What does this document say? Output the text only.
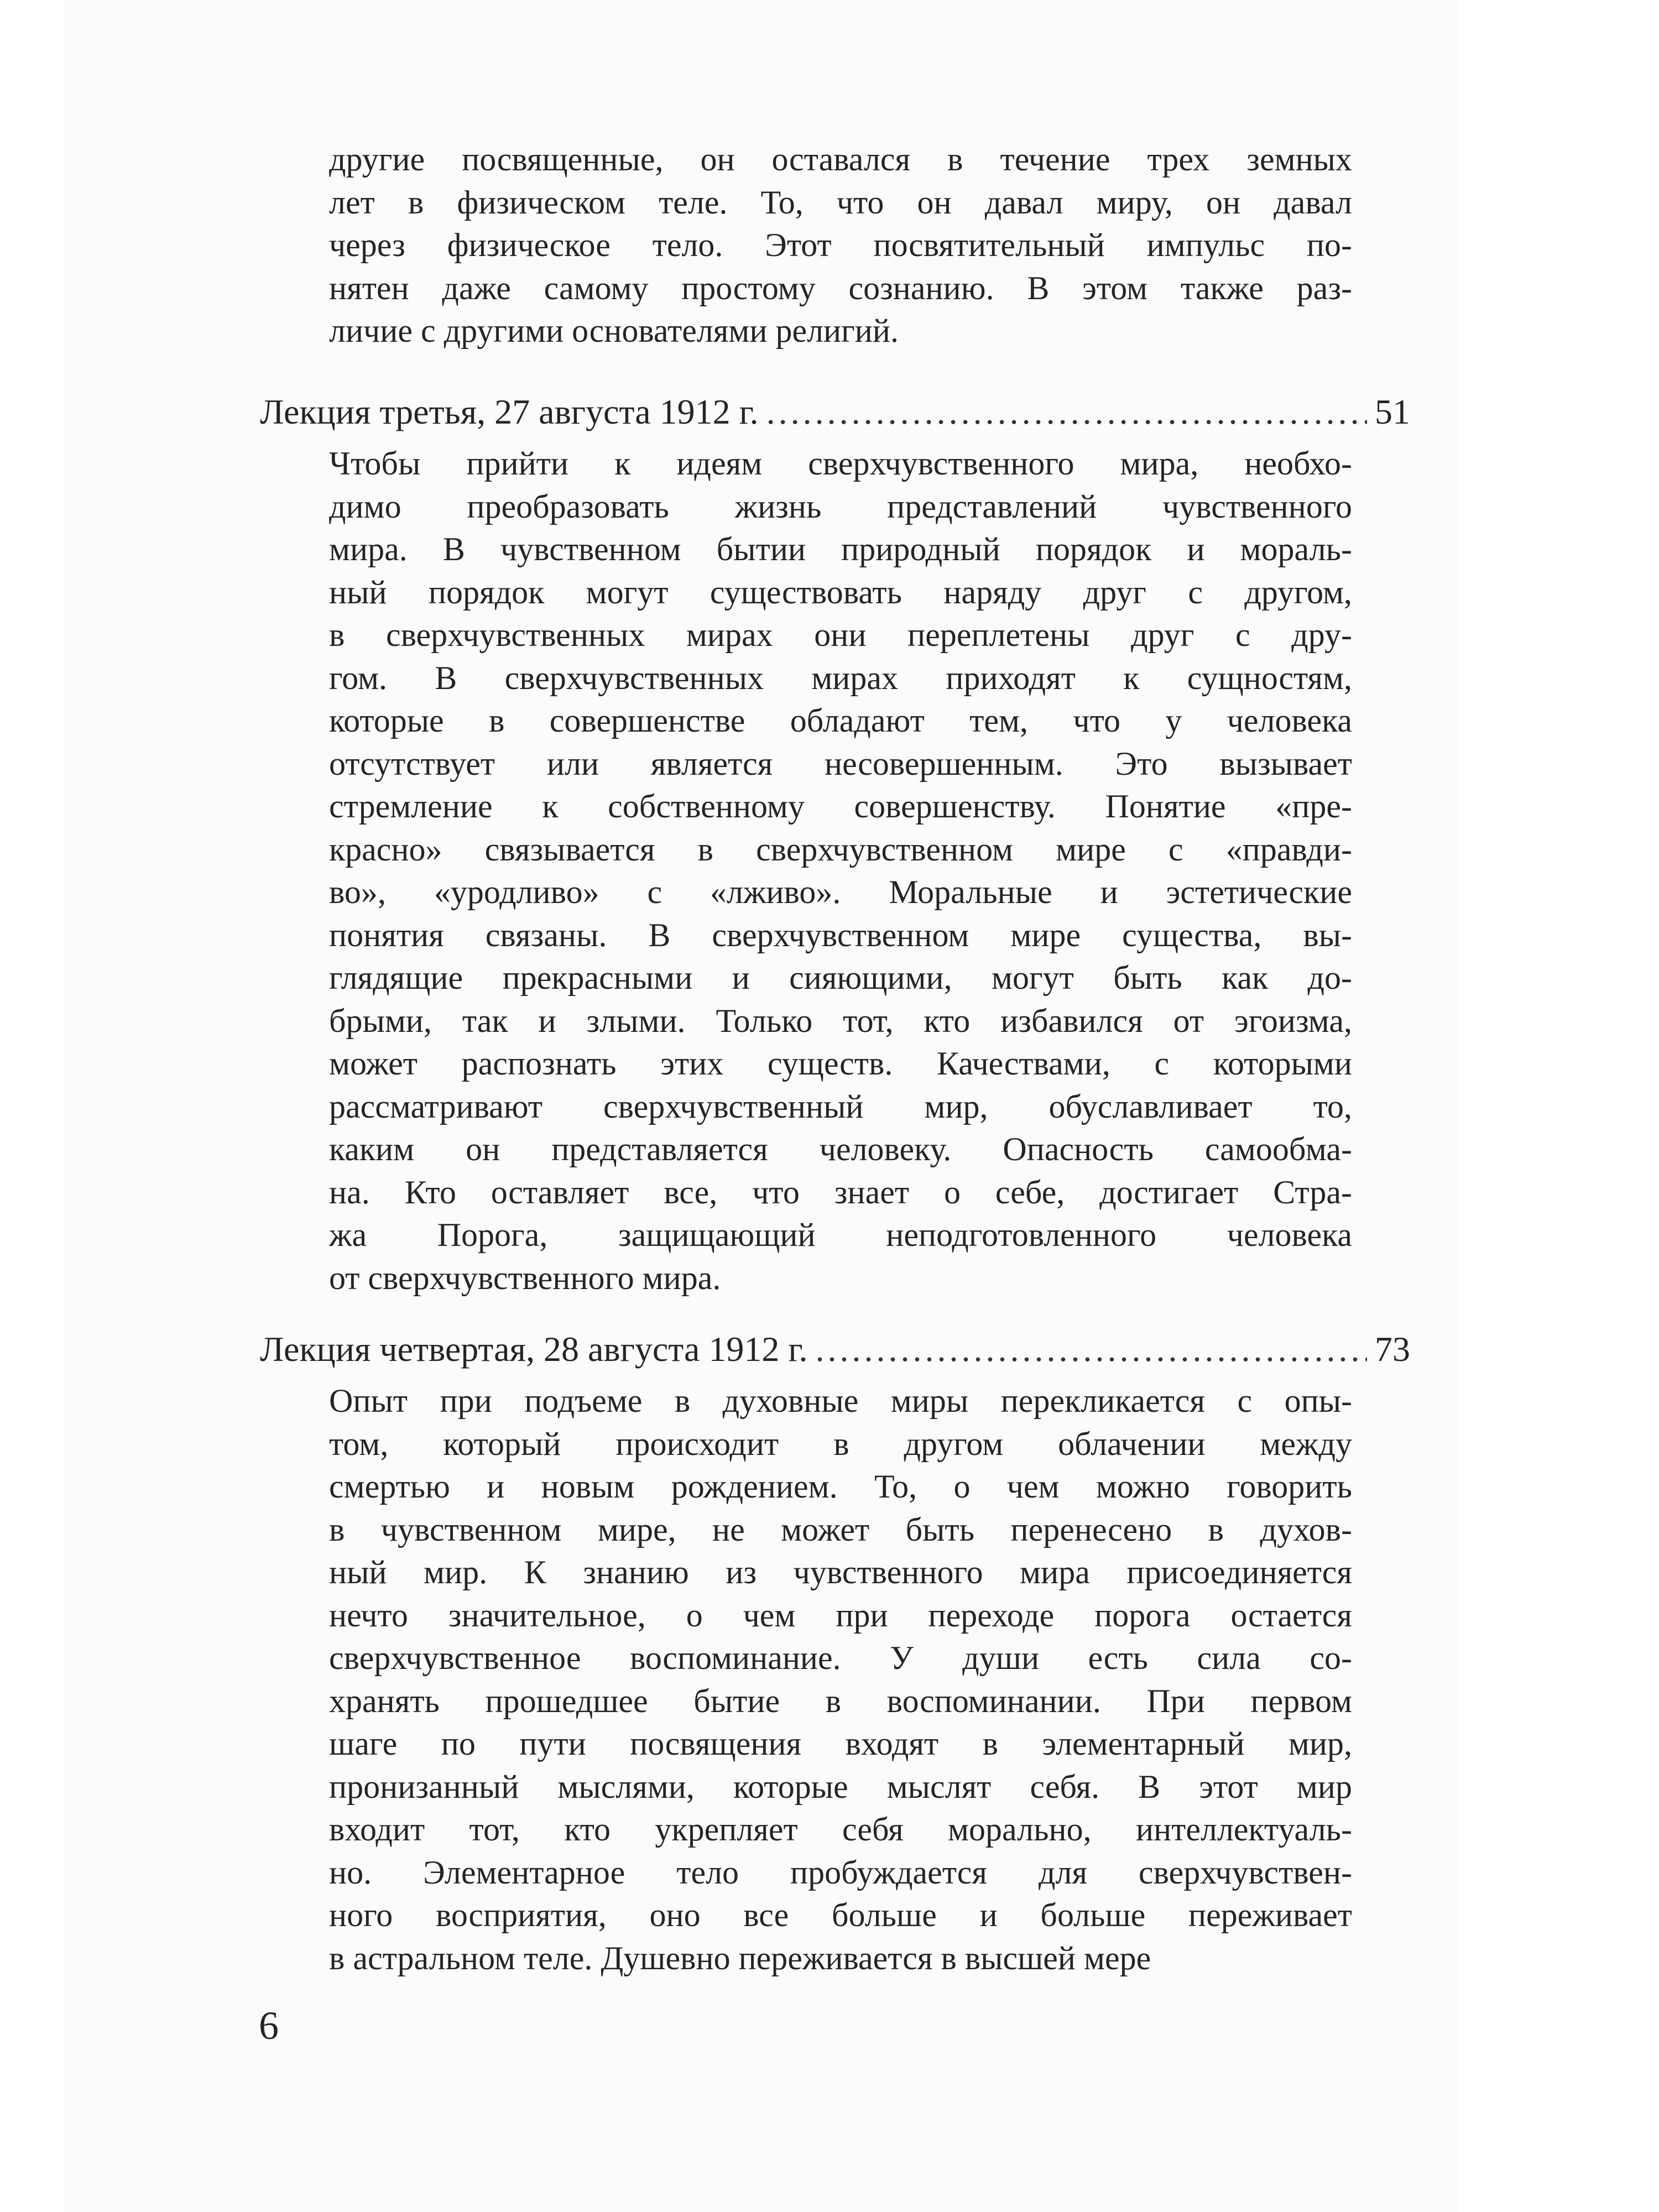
другие посвященные, он оставался в течение трех земных
лет в физическом теле. То, что он давал миру, он давал
через физическое тело. Этот посвятительный импульс по-
нятен даже самому простому сознанию. В этом также раз-
личие с другими основателями религий.
Лекция третья, 27 августа 1912 г. .....	51
Чтобы прийти к идеям сверхчувственного мира, необхо-
димо преобразовать жизнь представлений чувственного
мира. В чувственном бытии природный порядок и мораль-
ный порядок могут существовать наряду друг с другом,
в сверхчувственных мирах они переплетены друг с дру-
гом. В сверхчувственных мирах приходят к сущностям,
которые в совершенстве обладают тем, что у человека
отсутствует или является несовершенным. Это вызывает
стремление к собственному совершенству. Понятие «пре-
красно» связывается в сверхчувственном мире с «правди-
во», «уродливо» с «лживо». Моральные и эстетические
понятия связаны. В сверхчувственном мире существа, вы-
глядящие прекрасными и сияющими, могут быть как до-
брыми, так и злыми. Только тот, кто избавился от эгоизма,
может распознать этих существ. Качествами, с которыми
рассматривают сверхчувственный мир, обуславливает то,
каким он представляется человеку. Опасность самообма-
на. Кто оставляет все, что знает о себе, достигает Стра-
жа Порога, защищающий неподготовленного человека
от сверхчувственного мира.
Лекция четвертая, 28 августа 1912 г. .....	73
Опыт при подъеме в духовные миры перекликается с опы-
том, который происходит в другом облачении между
смертью и новым рождением. То, о чем можно говорить
в чувственном мире, не может быть перенесено в духов-
ный мир. К знанию из чувственного мира присоединяется
нечто значительное, о чем при переходе порога остается
сверхчувственное воспоминание. У души есть сила со-
хранять прошедшее бытие в воспоминании. При первом
шаге по пути посвящения входят в элементарный мир,
пронизанный мыслями, которые мыслят себя. В этот мир
входит тот, кто укрепляет себя морально, интеллектуаль-
но. Элементарное тело пробуждается для сверхчувствен-
ного восприятия, оно все больше и больше переживает
в астральном теле. Душевно переживается в высшей мере
6
